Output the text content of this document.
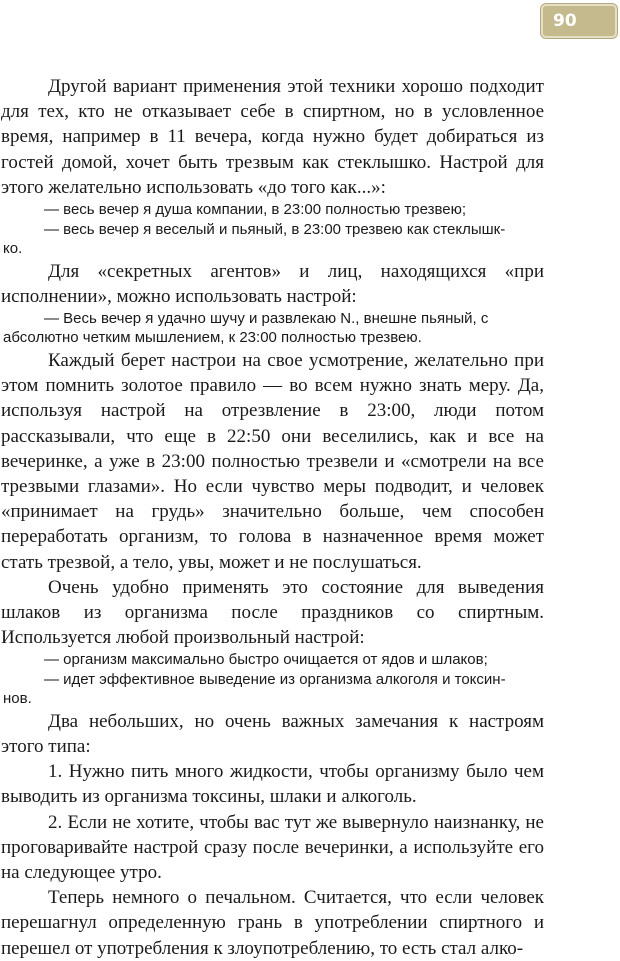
90

Другой вариант применения этой техники хорошо подходит для тех, кто не отказывает себе в спиртном, но в условленное время, например в 11 вечера, когда нужно будет добираться из гостей домой, хочет быть трезвым как стеклышко. Настрой для этого желательно использовать «до того как...»:

— весь вечер я душа компании, в 23:00 полностью трезвею;

— весь вечер я веселый и пьяный, в 23:00 трезвею как стеклышк-

ко.

Для «секретных агентов» и лиц, находящихся «при исполнении», можно использовать настрой:

— Весь вечер я удачно шучу и развлекаю N., внешне пьяный, с

абсолютно четким мышлением, к 23:00 полностью трезвею.

Каждый берет настрои на свое усмотрение, желательно при этом помнить золотое правило — во всем нужно знать меру. Да, используя настрой на отрезвление в 23:00, люди потом рассказывали, что еще в 22:50 они веселились, как и все на вечеринке, а уже в 23:00 полностью трезвели и «смотрели на все трезвыми глазами». Но если чувство меры подводит, и человек «принимает на грудь» значительно больше, чем способен переработать организм, то голова в назначенное время может стать трезвой, а тело, увы, может и не послушаться.

Очень удобно применять это состояние для выведения шлаков из организма после праздников со спиртным. Используется любой произвольный настрой:

— организм максимально быстро очищается от ядов и шлаков;

— идет эффективное выведение из организма алкоголя и токсин-

нов.

Два небольших, но очень важных замечания к настроям этого типа:

1. Нужно пить много жидкости, чтобы организму было чем выводить из организма токсины, шлаки и алкоголь.

2. Если не хотите, чтобы вас тут же вывернуло наизнанку, не проговаривайте настрой сразу после вечеринки, а используйте его на следующее утро.

Теперь немного о печальном. Считается, что если человек перешагнул определенную грань в употреблении спиртного и перешел от употребления к злоупотреблению, то есть стал алко-
